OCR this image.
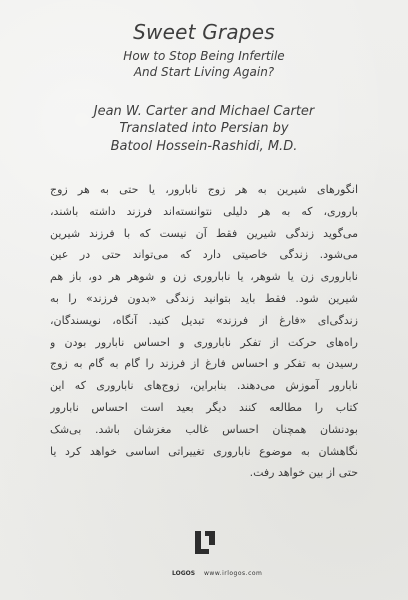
Sweet Grapes
How to Stop Being Infertile
And Start Living Again?
Jean W. Carter and Michael Carter
Translated into Persian by
Batool Hossein-Rashidi, M.D.
انگورهای شیرین به هر زوج نابارور، یا حتی به هر زوج
باروری، که به هر دلیلی نتوانسته‌اند فرزند داشته باشند،
می‌گوید زندگی شیرین فقط آن نیست که با فرزند شیرین
می‌شود. زندگی خاصیتی دارد که می‌تواند حتی در عین
ناباروری زن یا شوهر، یا ناباروری زن و شوهر هر دو، باز هم
شیرین شود. فقط باید بتوانید زندگی «بدون فرزند» را به
زندگی‌ای «فارغ از فرزند» تبدیل کنید. آنگاه، نویسندگان،
راه‌های حرکت از تفکر ناباروری و احساس نابارور بودن و
رسیدن به تفکر و احساس فارغ از فرزند را گام به گام به زوج
نابارور آموزش می‌دهند. بنابراین، زوج‌های ناباروری که این
کتاب را مطالعه کنند دیگر بعید است احساس نابارور
بودنشان همچنان احساس غالب مغزشان باشد. بی‌شک
نگاهشان به موضوع ناباروری تغییراتی اساسی خواهد کرد یا
حتی از بین خواهد رفت.
LOGOS www.irlogos.com
